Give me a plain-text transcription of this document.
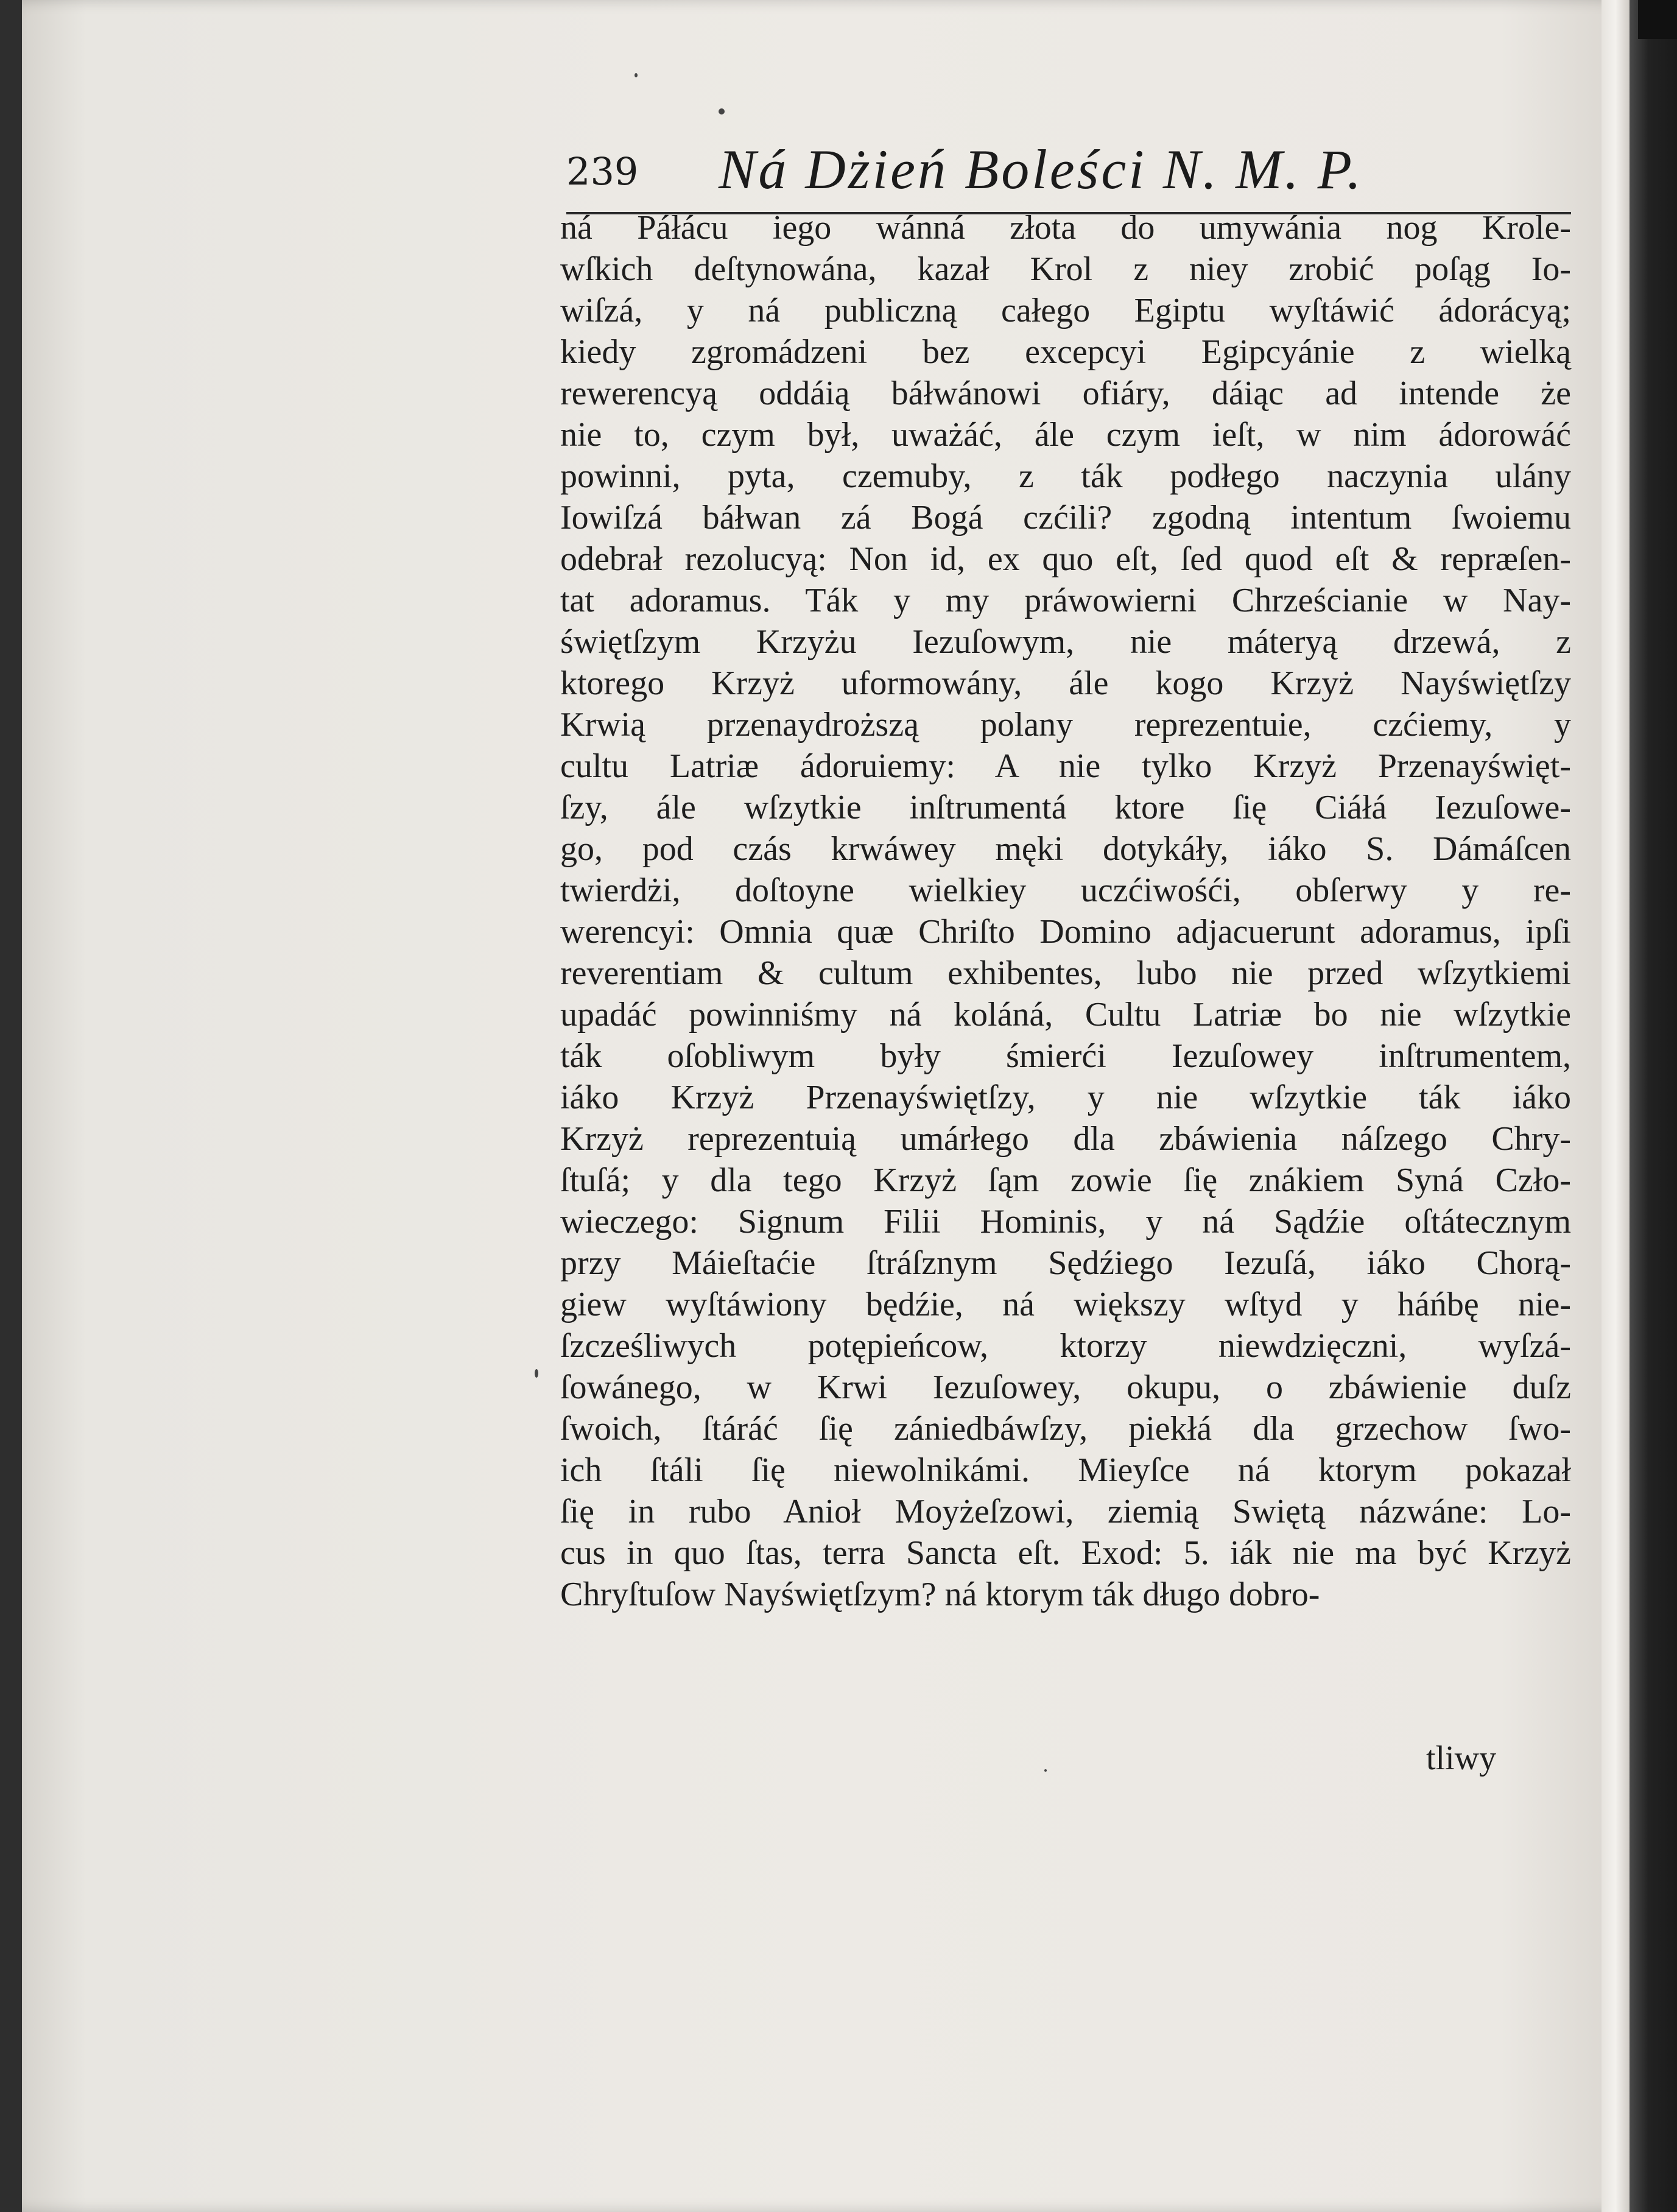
239 Ná Dżień Boleści N. M. P.
ná Páłácu iego wánná złota do umywánia nog Krole-
wſkich deſtynowána, kazał Krol z niey zrobić poſąg Io-
wiſzá, y ná publiczną całego Egiptu wyſtáwić ádorácyą;
kiedy zgromádzeni bez excepcyi Egipcyánie z wielką
rewerencyą oddáią báłwánowi ofiáry, dáiąc ad intende że
nie to, czym był, uważáć, ále czym ieſt, w nim ádorowáć
powinni, pyta, czemuby, z ták podłego naczynia ulány
Iowiſzá báłwan zá Bogá czćili? zgodną intentum ſwoiemu
odebrał rezolucyą: Non id, ex quo eſt, ſed quod eſt & repræſen-
tat adoramus. Ták y my práwowierni Chrześcianie w Nay-
świętſzym Krzyżu Iezuſowym, nie máteryą drzewá, z
ktorego Krzyż uformowány, ále kogo Krzyż Nayświętſzy
Krwią przenaydroższą polany reprezentuie, czćiemy, y
cultu Latriæ ádoruiemy: A nie tylko Krzyż Przenayświęt-
ſzy, ále wſzytkie inſtrumentá ktore ſię Ciáłá Iezuſowe-
go, pod czás krwáwey męki dotykáły, iáko S. Dámáſcen
twierdżi, doſtoyne wielkiey uczćiwośći, obſerwy y re-
werencyi: Omnia quæ Chriſto Domino adjacuerunt adoramus, ipſi
reverentiam & cultum exhibentes, lubo nie przed wſzytkiemi
upadáć powinniśmy ná koláná, Cultu Latriæ bo nie wſzytkie
ták oſobliwym były śmierći Iezuſowey inſtrumentem,
iáko Krzyż Przenayświętſzy, y nie wſzytkie ták iáko
Krzyż reprezentuią umárłego dla zbáwienia náſzego Chry-
ſtuſá; y dla tego Krzyż ſąm zowie ſię znákiem Syná Czło-
wieczego: Signum Filii Hominis, y ná Sądźie oſtátecznym
przy Máieſtaćie ſtráſznym Sędźiego Iezuſá, iáko Chorą-
giew wyſtáwiony będźie, ná większy wſtyd y háńbę nie-
ſzcześliwych potępieńcow, ktorzy niewdzięczni, wyſzá-
ſowánego, w Krwi Iezuſowey, okupu, o zbáwienie duſz
ſwoich, ſtáráć ſię zániedbáwſzy, piekłá dla grzechow ſwo-
ich ſtáli ſię niewolnikámi. Mieyſce ná ktorym pokazał
ſię in rubo Anioł Moyżeſzowi, ziemią Swiętą názwáne: Lo-
cus in quo ſtas, terra Sancta eſt. Exod: 5. iák nie ma być Krzyż
Chryſtuſow Nayświętſzym? ná ktorym ták długo dobro-
tliwy
